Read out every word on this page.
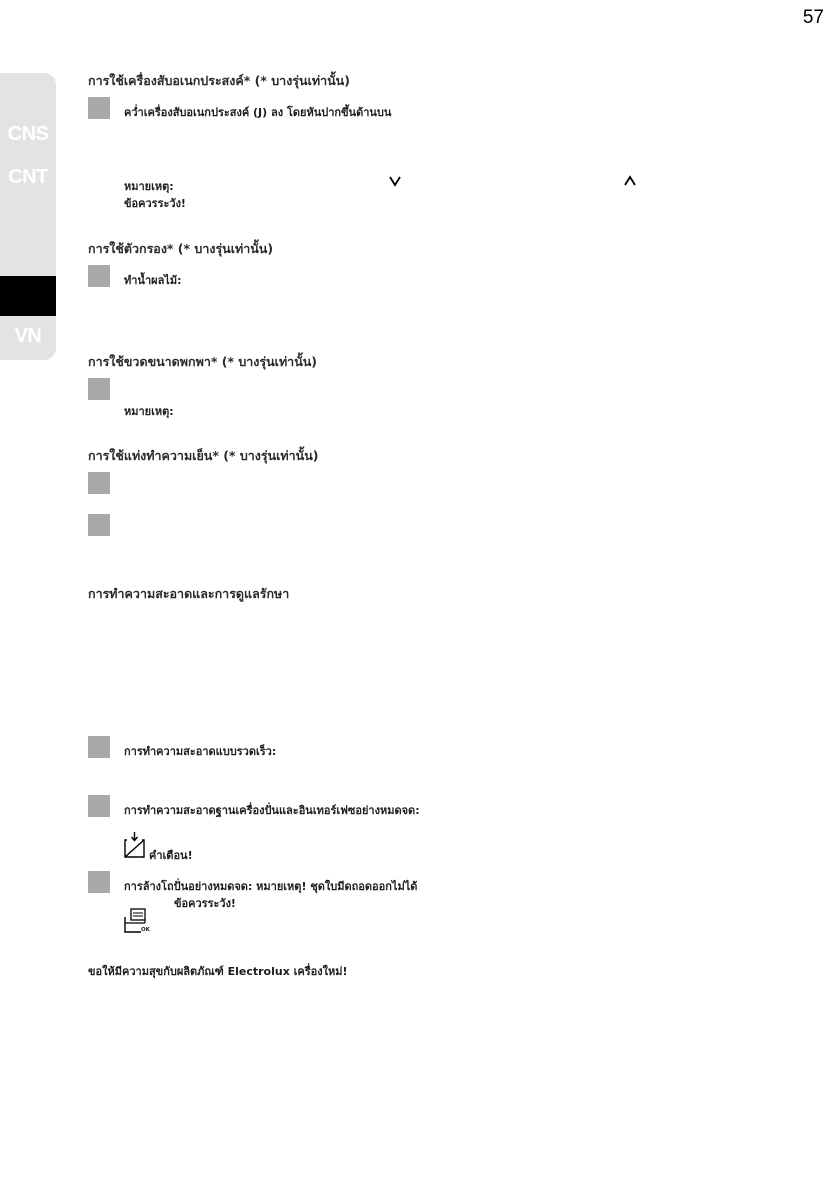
57
CNS
CNT
TH
VN
การใช้เครื่องสับอเนกประสงค์* (* บางรุ่นเท่านั้น)
คว่ำเครื่องสับอเนกประสงค์ (J) ลง โดยหันปากขึ้นด้านบน
หมายเหตุ:
ข้อควรระวัง!
การใช้ตัวกรอง* (* บางรุ่นเท่านั้น)
ทำน้ำผลไม้:
การใช้ขวดขนาดพกพา* (* บางรุ่นเท่านั้น)
หมายเหตุ:
การใช้แท่งทำความเย็น* (* บางรุ่นเท่านั้น)
การทำความสะอาดและการดูแลรักษา
การทำความสะอาดแบบรวดเร็ว:
การทำความสะอาดฐานเครื่องปั่นและอินเทอร์เฟซอย่างหมดจด:
คำเตือน!
การล้างโถปั่นอย่างหมดจด: หมายเหตุ! ชุดใบมีดถอดออกไม่ได้
ข้อควรระวัง!
OK
ขอให้มีความสุขกับผลิตภัณฑ์ Electrolux เครื่องใหม่!
